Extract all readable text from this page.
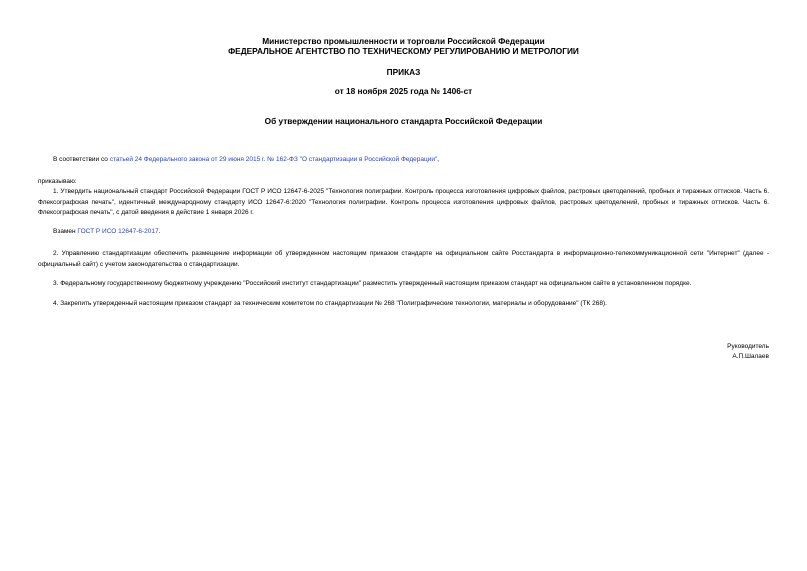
Министерство промышленности и торговли Российской Федерации
ФЕДЕРАЛЬНОЕ АГЕНТСТВО ПО ТЕХНИЧЕСКОМУ РЕГУЛИРОВАНИЮ И МЕТРОЛОГИИ
ПРИКАЗ
от 18 ноября 2025 года № 1406-ст
Об утверждении национального стандарта Российской Федерации
В соответствии со статьей 24 Федерального закона от 29 июня 2015 г. № 162-ФЗ "О стандартизации в Российской Федерации",
приказываю:
1. Утвердить национальный стандарт Российской Федерации ГОСТ Р ИСО 12647-6-2025 "Технология полиграфии. Контроль процесса изготовления цифровых файлов, растровых цветоделений, пробных и тиражных оттисков. Часть 6. Флексографская печать", идентичный международному стандарту ИСО 12647-6:2020 "Технология полиграфии. Контроль процесса изготовления цифровых файлов, растровых цветоделений, пробных и тиражных оттисков. Часть 6. Флексографская печать", с датой введения в действие 1 января 2026 г.
Взамен ГОСТ Р ИСО 12647-6-2017.
2. Управлению стандартизации обеспечить размещение информации об утвержденном настоящим приказом стандарте на официальном сайте Росстандарта в информационно-телекоммуникационной сети "Интернет" (далее - официальный сайт) с учетом законодательства о стандартизации.
3. Федеральному государственному бюджетному учреждению "Российский институт стандартизации" разместить утвержденный настоящим приказом стандарт на официальном сайте в установленном порядке.
4. Закрепить утвержденный настоящим приказом стандарт за техническим комитетом по стандартизации № 268 "Полиграфические технологии, материалы и оборудование" (ТК 268).
Руководитель
А.П.Шалаев
